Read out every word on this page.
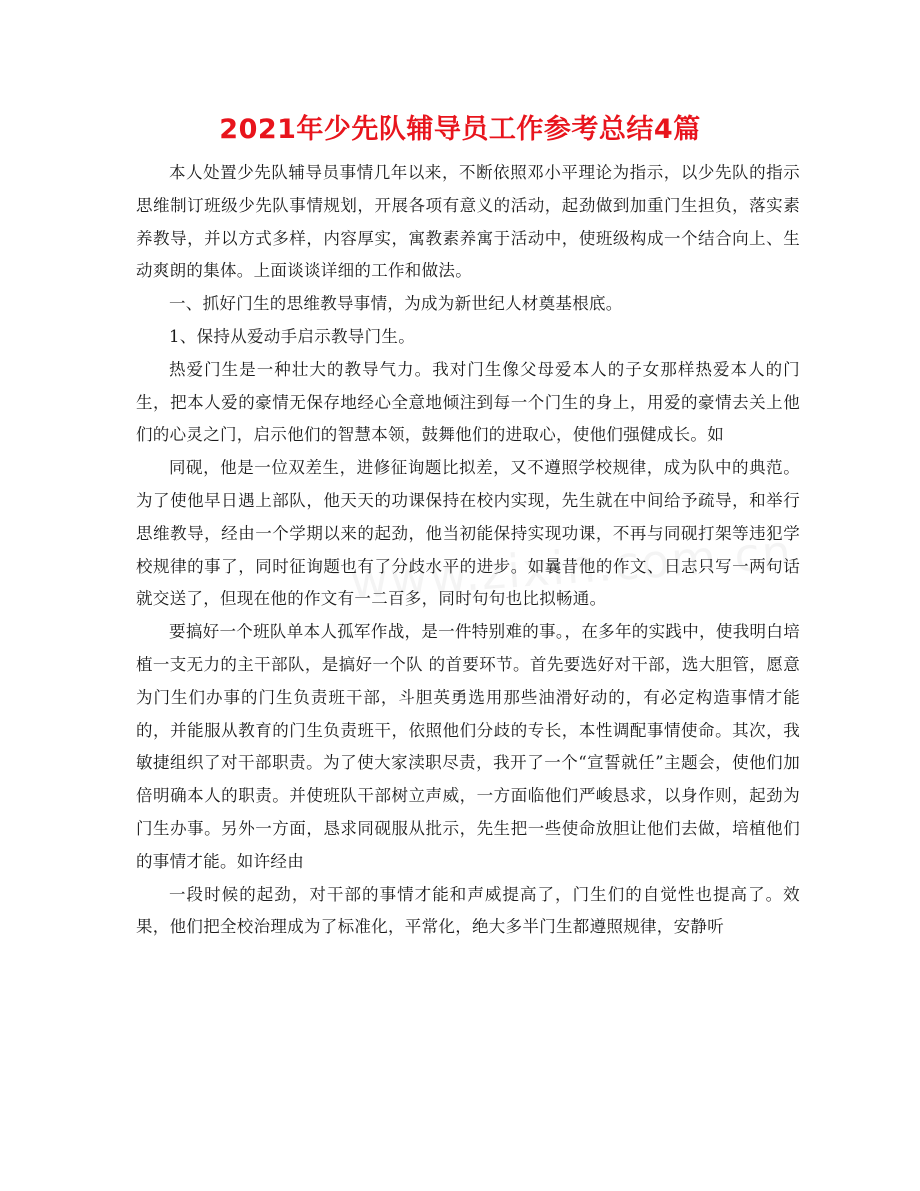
2021年少先队辅导员工作参考总结4篇

本人处置少先队辅导员事情几年以来，不断依照邓小平理论为指示，以少先队的指示思维制订班级少先队事情规划，开展各项有意义的活动，起劲做到加重门生担负，落实素养教导，并以方式多样，内容厚实，寓教素养寓于活动中，使班级构成一个结合向上、生动爽朗的集体。上面谈谈详细的工作和做法。

一、抓好门生的思维教导事情，为成为新世纪人材奠基根底。

1、保持从爱动手启示教导门生。

热爱门生是一种壮大的教导气力。我对门生像父母爱本人的子女那样热爱本人的门生，把本人爱的豪情无保存地经心全意地倾注到每一个门生的身上，用爱的豪情去关上他们的心灵之门，启示他们的智慧本领，鼓舞他们的进取心，使他们强健成长。如

同砚，他是一位双差生，进修征询题比拟差，又不遵照学校规律，成为队中的典范。为了使他早日遇上部队，他天天的功课保持在校内实现，先生就在中间给予疏导，和举行思维教导，经由一个学期以来的起劲，他当初能保持实现功课，不再与同砚打架等违犯学校规律的事了，同时征询题也有了分歧水平的进步。如曩昔他的作文、日志只写一两句话就交送了，但现在他的作文有一二百多，同时句句也比拟畅通。

要搞好一个班队单本人孤军作战，是一件特别难的事。，在多年的实践中，使我明白培植一支无力的主干部队，是搞好一个队 的首要环节。首先要选好对干部，选大胆管，愿意为门生们办事的门生负责班干部，斗胆英勇选用那些油滑好动的，有必定构造事情才能的，并能服从教育的门生负责班干，依照他们分歧的专长，本性调配事情使命。其次，我敏捷组织了对干部职责。为了使大家渎职尽责，我开了一个“宣誓就任”主题会，使他们加倍明确本人的职责。并使班队干部树立声威，一方面临他们严峻恳求，以身作则，起劲为门生办事。另外一方面，恳求同砚服从批示，先生把一些使命放胆让他们去做，培植他们的事情才能。如许经由

一段时候的起劲，对干部的事情才能和声威提高了，门生们的自觉性也提高了。效果，他们把全校治理成为了标准化，平常化，绝大多半门生都遵照规律，安静听
